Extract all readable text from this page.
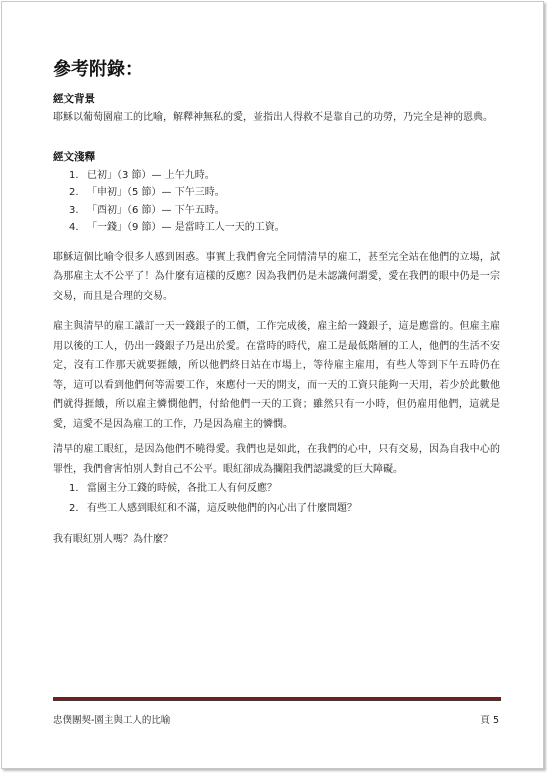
參考附錄：
經文背景

耶穌以葡萄園雇工的比喻，解釋神無私的愛，並指出人得救不是靠自己的功勞，乃完全是神的恩典。

經文淺釋
1. 已初」（3 節）— 上午九時。
2. 「申初」（5 節）— 下午三時。
3. 「酉初」（6 節）— 下午五時。
4. 「一錢」（9 節）— 是當時工人一天的工資。

耶穌這個比喻令很多人感到困惑。事實上我們會完全同情清早的雇工，甚至完全站在他們的立場，試為那雇主太不公平了！為什麼有這樣的反應？因為我們仍是未認識何謂愛，愛在我們的眼中仍是一宗交易，而且是合理的交易。

雇主與清早的雇工議訂一天一錢銀子的工價，工作完成後，雇主給一錢銀子，這是應當的。但雇主雇用以後的工人，仍出一錢銀子乃是出於愛。在當時的時代，雇工是最低階層的工人，他們的生活不安定，沒有工作那天就要捱餓，所以他們終日站在市場上，等待雇主雇用，有些人等到下午五時仍在等，這可以看到他們何等需要工作，來應付一天的開支，而一天的工資只能夠一天用，若少於此數他們就得捱餓，所以雇主憐憫他們，付給他們一天的工資；雖然只有一小時，但仍雇用他們，這就是愛，這愛不是因為雇工的工作，乃是因為雇主的憐憫。

清早的雇工眼紅，是因為他們不曉得愛。我們也是如此，在我們的心中，只有交易，因為自我中心的罪性，我們會害怕別人對自己不公平。眼紅卻成為攔阻我們認識愛的巨大障礙。

1. 當園主分工錢的時候，各批工人有何反應？
2. 有些工人感到眼紅和不滿，這反映他們的內心出了什麼問題？

我有眼紅別人嗎？為什麼？

忠僕團契-園主與工人的比喻	頁 5
